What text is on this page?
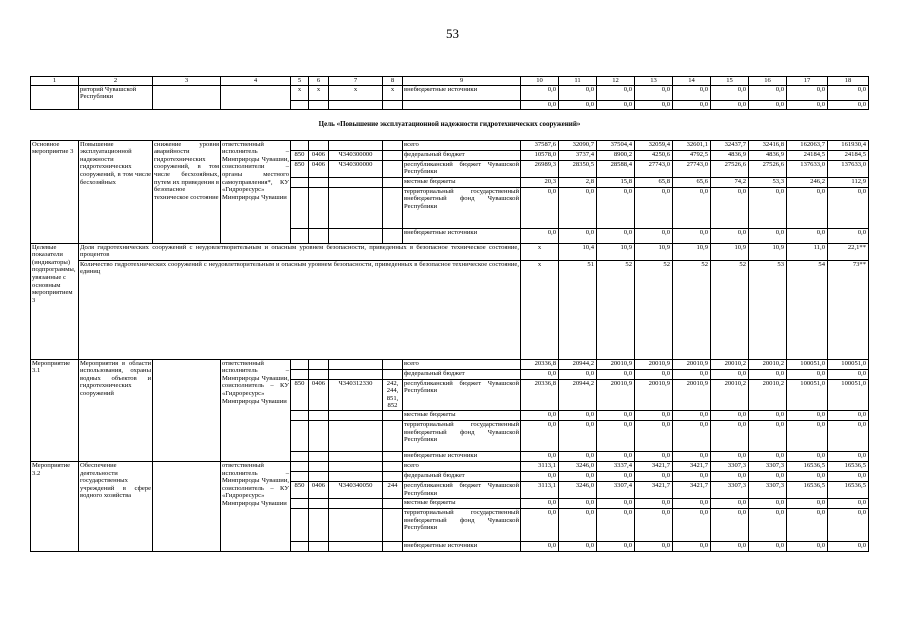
53
1	2	3	4	5	6	7	8	9	10	11	12	13	14	15	16	17	18	
	риторий Чувашской Республики			х	х	х	х	внебюджетные источники	0,0	0,0	0,0	0,0	0,0	0,0	0,0	0,0	0,0	
									0,0	0,0	0,0	0,0	0,0	0,0	0,0	0,0	0,0	
Цель «Повышение эксплуатационной надежности гидротехнических сооружений»																		
Основное мероприятие 3	Повышение эксплуатационной надежности гидротехнических сооружений, в том числе бесхозяйных	снижение уровня аварийности гидротехнических сооружений, в том числе бесхозяйных, путем их приведения в безопасное техническое состояние	ответственный исполнитель – Минприроды Чувашии, соисполнители – органы местного самоуправления*, КУ «Гидроресурс» Минприроды Чувашии					всего	37587,6	32090,7	37504,4	32059,4	32601,1	32437,7	32416,8	162063,7	161930,4	
				850	0406	Ч340300000		федеральный бюджет	10578,0	3737,4	8900,2	4250,6	4792,5	4836,9	4836,9	24184,5	24184,5	
				850	0406	Ч340300000		республиканский бюджет Чувашской Республики	26989,3	28350,5	28588,4	27743,0	27743,0	27526,6	27526,6	137633,0	137633,0	
								местные бюджеты	20,3	2,8	15,8	65,8	65,6	74,2	53,3	246,2	112,9	
								территориальный государственный внебюджетный фонд Чувашской Республики	0,0	0,0	0,0	0,0	0,0	0,0	0,0	0,0	0,0	
								внебюджетные источники	0,0	0,0	0,0	0,0	0,0	0,0	0,0	0,0	0,0	
Целевые показатели (индикаторы) подпрограммы, увязанные с основным мероприятием 3	Доля гидротехнических сооружений с неудовлетворительным и опасным уровнем безопасности, приведенных в безопасное техническое состояние, процентов								х	10,4	10,9	10,9	10,9	10,9	10,9	11,0	22,1**	
	Количество гидротехнических сооружений с неудовлетворительным и опасным уровнем безопасности, приведенных в безопасное техническое состояние, единиц								х	51	52	52	52	52	53	54	73**	
Мероприятие 3.1	Мероприятия в области использования, охраны водных объектов и гидротехнических сооружений		ответственный исполнитель – Минприроды Чувашии, соисполнитель – КУ «Гидроресурс» Минприроды Чувашии					всего	20336,8	20944,2	20010,9	20010,9	20010,9	20010,2	20010,2	100051,0	100051,0	
								федеральный бюджет	0,0	0,0	0,0	0,0	0,0	0,0	0,0	0,0	0,0	
				850	0406	Ч340312330	242, 244, 851, 852	республиканский бюджет Чувашской Республики	20336,8	20944,2	20010,9	20010,9	20010,9	20010,2	20010,2	100051,0	100051,0	
								местные бюджеты	0,0	0,0	0,0	0,0	0,0	0,0	0,0	0,0	0,0	
								территориальный государственный внебюджетный фонд Чувашской Республики	0,0	0,0	0,0	0,0	0,0	0,0	0,0	0,0	0,0	
								внебюджетные источники	0,0	0,0	0,0	0,0	0,0	0,0	0,0	0,0	0,0	
Мероприятие 3.2	Обеспечение деятельности государственных учреждений в сфере водного хозяйства		ответственный исполнитель – Минприроды Чувашии, соисполнитель – КУ «Гидроресурс» Минприроды Чувашии					всего	3113,1	3246,0	3337,4	3421,7	3421,7	3307,3	3307,3	16536,5	16536,5	
								федеральный бюджет	0,0	0,0	0,0	0,0	0,0	0,0	0,0	0,0	0,0	
				850	0406	Ч340340050	244	республиканский бюджет Чувашской Республики	3113,1	3246,0	3307,4	3421,7	3421,7	3307,3	3307,3	16536,5	16536,5	
								местные бюджеты	0,0	0,0	0,0	0,0	0,0	0,0	0,0	0,0	0,0	
								территориальный государственный внебюджетный фонд Чувашской Республики	0,0	0,0	0,0	0,0	0,0	0,0	0,0	0,0	0,0	
								внебюджетные источники	0,0	0,0	0,0	0,0	0,0	0,0	0,0	0,0	0,0	
